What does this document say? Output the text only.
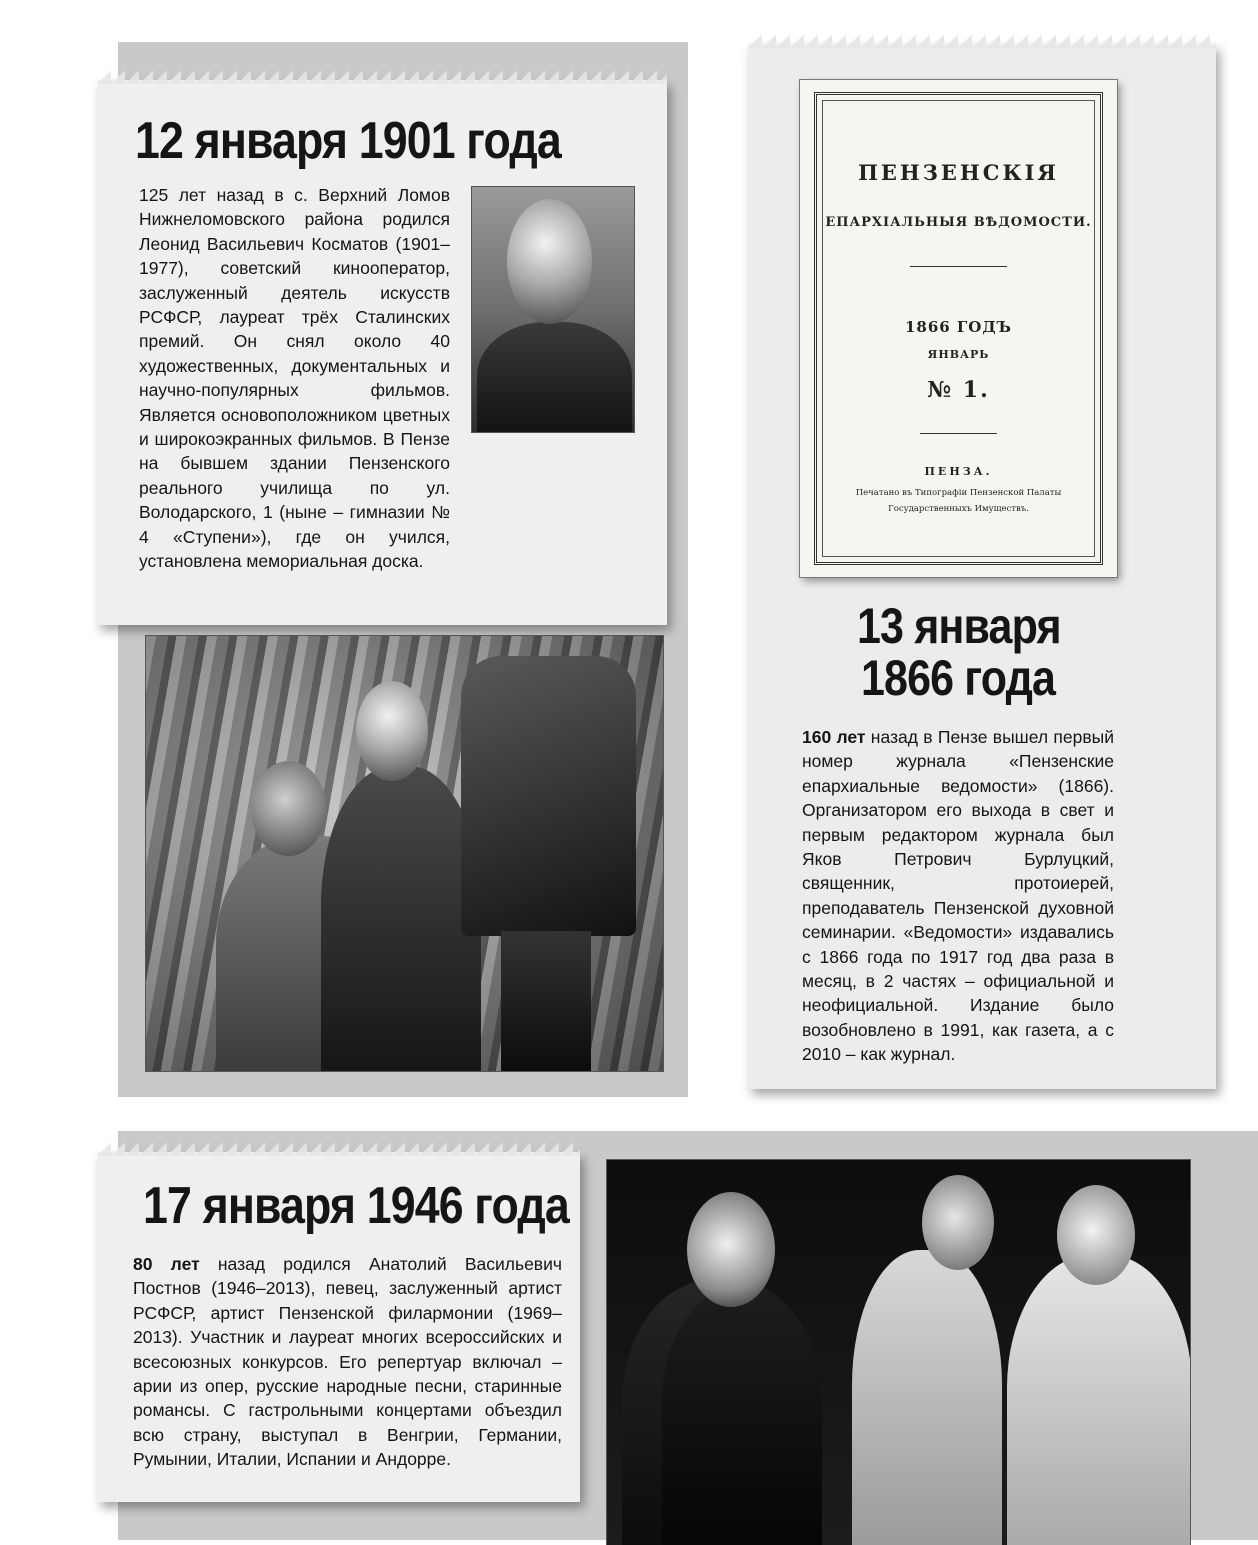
12 января 1901 года

125 лет назад в с. Верхний Ломов Нижнеломовского района родился Леонид Васильевич Косматов (1901–1977), советский кинооператор, заслуженный деятель искусств РСФСР, лауреат трёх Сталинских премий. Он снял около 40 художественных, документальных и научно-популярных фильмов. Является основоположником цветных и широкоэкранных фильмов. В Пензе на бывшем здании Пензенского реального училища по ул. Володарского, 1 (ныне – гимназии № 4 «Ступени»), где он учился, установлена мемориальная доска.

ПЕНЗЕНСКIЯ
ЕПАРХIАЛЬНЫЯ ВѢДОМОСТИ.
1866 ГОДЪ
ЯНВАРЬ
№ 1.
ПЕНЗА.
Печатано въ Типографiи Пензенской Палаты
Государственныхъ Имуществъ.
13 января
1866 года

160 лет назад в Пензе вышел первый номер журнала «Пензенские епархиальные ведомости» (1866). Организатором его выхода в свет и первым редактором журнала был Яков Петрович Бурлуцкий, священник, протоиерей, преподаватель Пензенской духовной семинарии. «Ведомости» издавались с 1866 года по 1917 год два раза в месяц, в 2 частях – официальной и неофициальной. Издание было возобновлено в 1991, как газета, а с 2010 – как журнал.

17 января 1946 года

80 лет назад родился Анатолий Васильевич Постнов (1946–2013), певец, заслуженный артист РСФСР, артист Пензенской филармонии (1969–2013). Участник и лауреат многих всероссийских и всесоюзных конкурсов. Его репертуар включал – арии из опер, русские народные песни, старинные романсы. С гастрольными концертами объездил всю страну, выступал в Венгрии, Германии, Румынии, Италии, Испании и Андорре.
